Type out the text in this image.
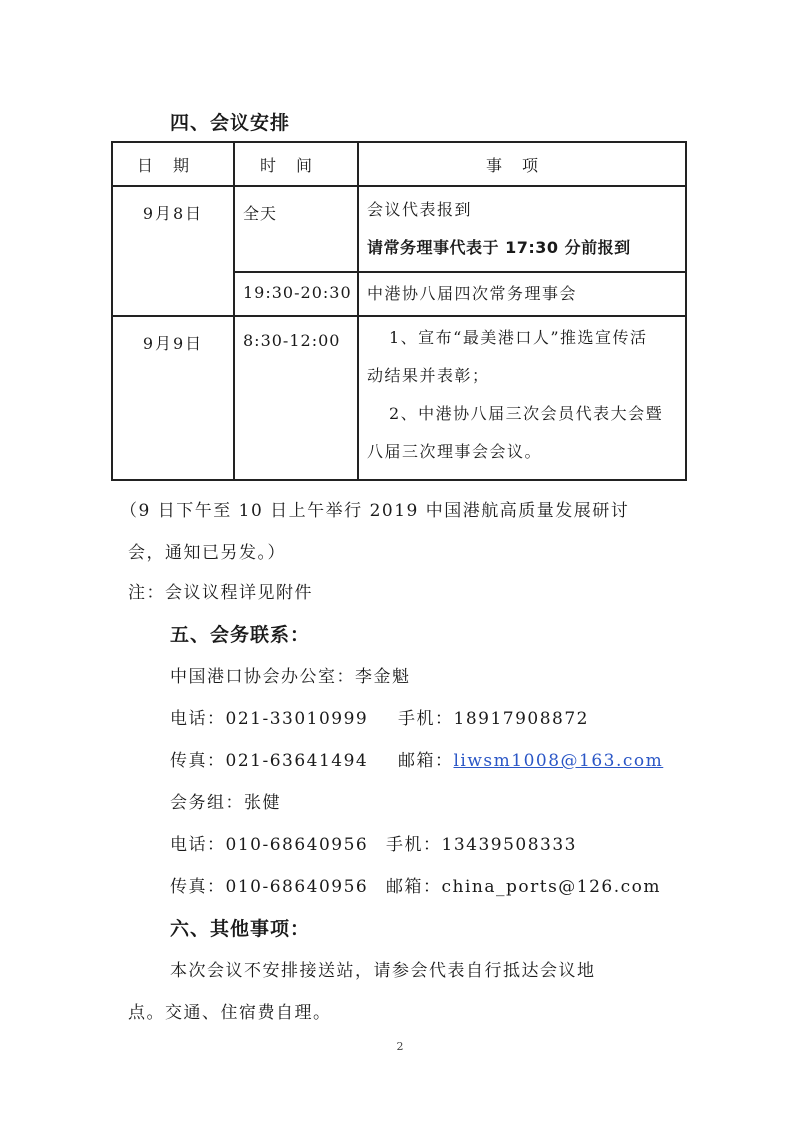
四、会议安排
日期	时间	事项
9月8日	全天	会议代表报到
请常务理事代表于 17:30 分前报到

	19:30-20:30	中港协八届四次常务理事会

9月9日	8:30-12:00	1、宣布“最美港口人”推选宣传活
动结果并表彰；
2、中港协八届三次会员代表大会暨
八届三次理事会会议。
（9 日下午至 10 日上午举行 2019 中国港航高质量发展研讨
会，通知已另发。）
注：会议议程详见附件
五、会务联系：
中国港口协会办公室：李金魁
电话：021-33010999 手机：18917908872
传真：021-63641494 邮箱：liwsm1008@163.com
会务组：张健
电话：010-68640956 手机：13439508333
传真：010-68640956 邮箱：china_ports@126.com
六、其他事项：
本次会议不安排接送站，请参会代表自行抵达会议地
点。交通、住宿费自理。
2
